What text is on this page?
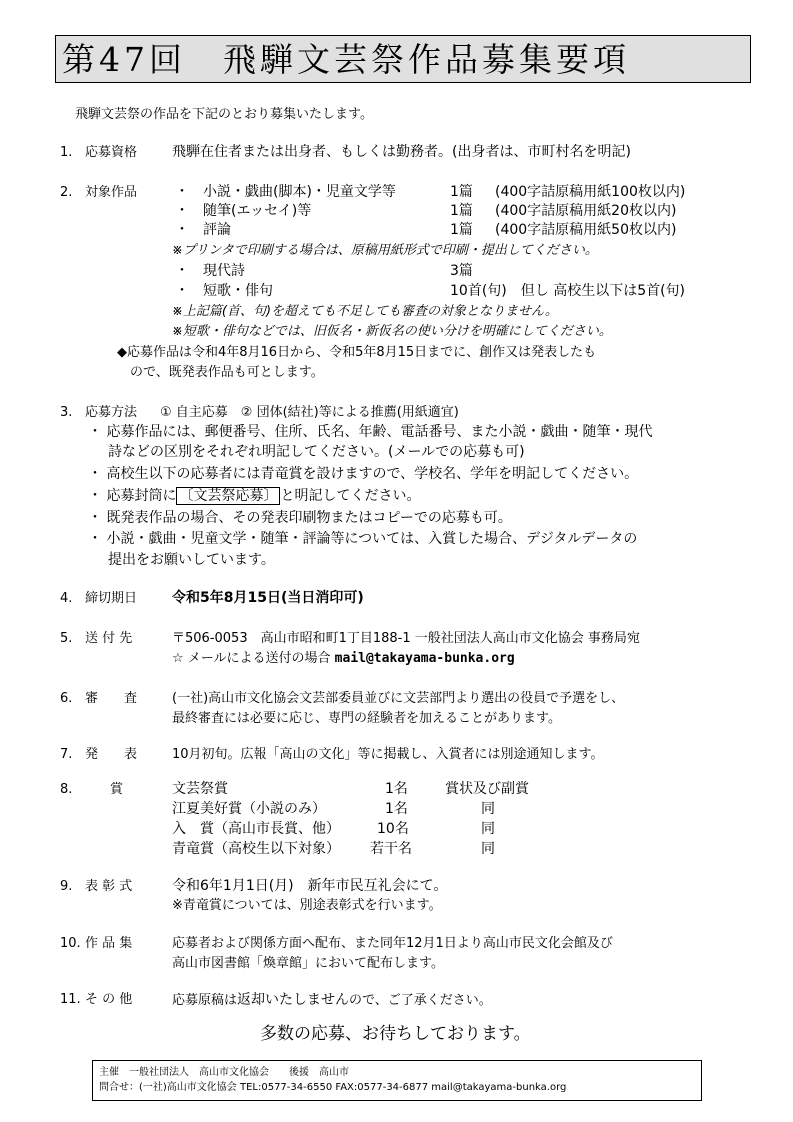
第47回　飛騨文芸祭作品募集要項
飛騨文芸祭の作品を下記のとおり募集いたします。
1. 応募資格 飛騨在住者または出身者、もしくは勤務者。(出身者は、市町村名を明記)
2. 対象作品	・　小説・戯曲(脚本)・児童文学等	1篇 (400字詰原稿用紙100枚以内)
・　随筆(エッセイ)等	1篇 (400字詰原稿用紙20枚以内)
・　評論	1篇 (400字詰原稿用紙50枚以内)
※プリンタで印刷する場合は、原稿用紙形式で印刷・提出してください。
・　現代詩	3篇
・　短歌・俳句	10首(句)　但し 高校生以下は5首(句)
※上記篇(首、句)を超えても不足しても審査の対象となりません。
※短歌・俳句などでは、旧仮名・新仮名の使い分けを明確にしてください。
◆応募作品は令和4年8月16日から、令和5年8月15日までに、創作又は発表したも
ので、既発表作品も可とします。
3. 応募方法 ① 自主応募　② 団体(結社)等による推薦(用紙適宜)
・ 応募作品には、郵便番号、住所、氏名、年齢、電話番号、また小説・戯曲・随筆・現代
詩などの区別をそれぞれ明記してください。(メールでの応募も可)
・ 高校生以下の応募者には青竜賞を設けますので、学校名、学年を明記してください。
・ 応募封筒に 〔文芸祭応募〕 と明記してください。
・ 既発表作品の場合、その発表印刷物またはコピーでの応募も可。
・ 小説・戯曲・児童文学・随筆・評論等については、入賞した場合、デジタルデータの
提出をお願いしています。
4. 締切期日 令和5年8月15日(当日消印可)
5. 送 付 先	〒506-0053　高山市昭和町1丁目188-1 一般社団法人高山市文化協会 事務局宛
☆ メールによる送付の場合 mail@takayama-bunka.org
6. 審　　査	(一社)高山市文化協会文芸部委員並びに文芸部門より選出の役員で予選をし、
最終審査には必要に応じ、専門の経験者を加えることがあります。
7. 発　　表	10月初旬。広報「高山の文化」等に掲載し、入賞者には別途通知します。
8.	賞	文芸祭賞	1名	賞状及び副賞
江夏美好賞（小説のみ）	1名	同
入　賞（高山市長賞、他）	10名	同
青竜賞（高校生以下対象） 若干名	同
9. 表 彰 式	令和6年1月1日(月)　新年市民互礼会にて。
※青竜賞については、別途表彰式を行います。
10. 作 品 集	応募者および関係方面へ配布、また同年12月1日より高山市民文化会館及び
高山市図書館「煥章館」において配布します。
11. そ の 他	応募原稿は返却いたしませんので、ご了承ください。
多数の応募、お待ちしております。
主催　一般社団法人　高山市文化協会　　後援　高山市
問合せ：(一社)高山市文化協会 TEL:0577-34-6550 FAX:0577-34-6877 mail@takayama-bunka.org
